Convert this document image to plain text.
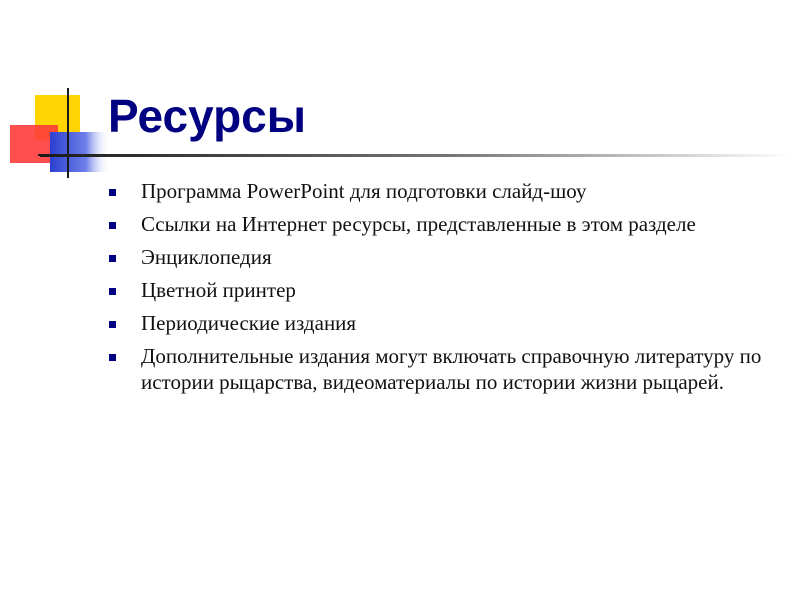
Ресурсы
Программа PowerPoint для подготовки слайд-шоу
Ссылки на Интернет ресурсы, представленные в этом разделе
Энциклопедия
Цветной принтер
Периодические издания
Дополнительные издания могут включать справочную литературу по истории рыцарства, видеоматериалы по истории жизни рыцарей.
